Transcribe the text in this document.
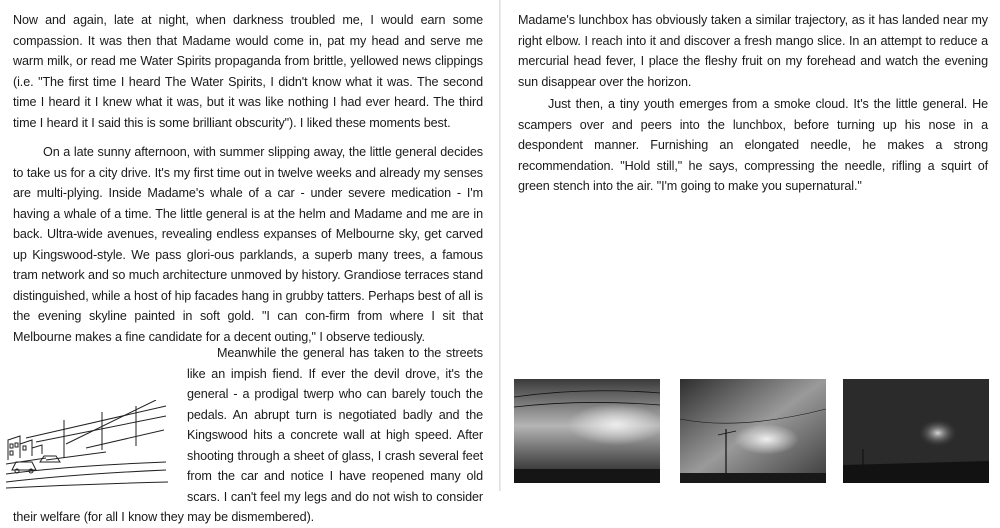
Now and again, late at night, when darkness troubled me, I would earn some compassion. It was then that Madame would come in, pat my head and serve me warm milk, or read me Water Spirits propaganda from brittle, yellowed news clippings (i.e. "The first time I heard The Water Spirits, I didn't know what it was. The second time I heard it I knew what it was, but it was like nothing I had ever heard. The third time I heard it I said this is some brilliant obscurity"). I liked these moments best.

On a late sunny afternoon, with summer slipping away, the little general decides to take us for a city drive. It's my first time out in twelve weeks and already my senses are multi-plying. Inside Madame's whale of a car - under severe medication - I'm having a whale of a time. The little general is at the helm and Madame and me are in back. Ultra-wide avenues, revealing endless expanses of Melbourne sky, get carved up Kingswood-style. We pass glori-ous parklands, a superb many trees, a famous tram network and so much architecture unmoved by history. Grandiose terraces stand distinguished, while a host of hip facades hang in grubby tatters. Perhaps best of all is the evening skyline painted in soft gold. "I can con-firm from where I sit that Melbourne makes a fine candidate for a decent outing," I observe tediously.

Meanwhile the general has taken to the streets like an impish fiend. If ever the devil drove, it's the general - a prodigal twerp who can barely touch the pedals. An abrupt turn is negotiated badly and the Kingswood hits a concrete wall at high speed. After shooting through a sheet of glass, I crash several feet from the car and notice I have reopened many old scars. I can't feel my legs and do not wish to consider their welfare (for all I know they may be dismembered).

Madame's lunchbox has obviously taken a similar trajectory, as it has landed near my right elbow. I reach into it and discover a fresh mango slice. In an attempt to reduce a mercurial head fever, I place the fleshy fruit on my forehead and watch the evening sun disappear over the horizon.

Just then, a tiny youth emerges from a smoke cloud. It's the little general. He scampers over and peers into the lunchbox, before turning up his nose in a despondent manner. Furnishing an elongated needle, he makes a strong recommendation. "Hold still," he says, compressing the needle, rifling a squirt of green stench into the air. "I'm going to make you supernatural."
